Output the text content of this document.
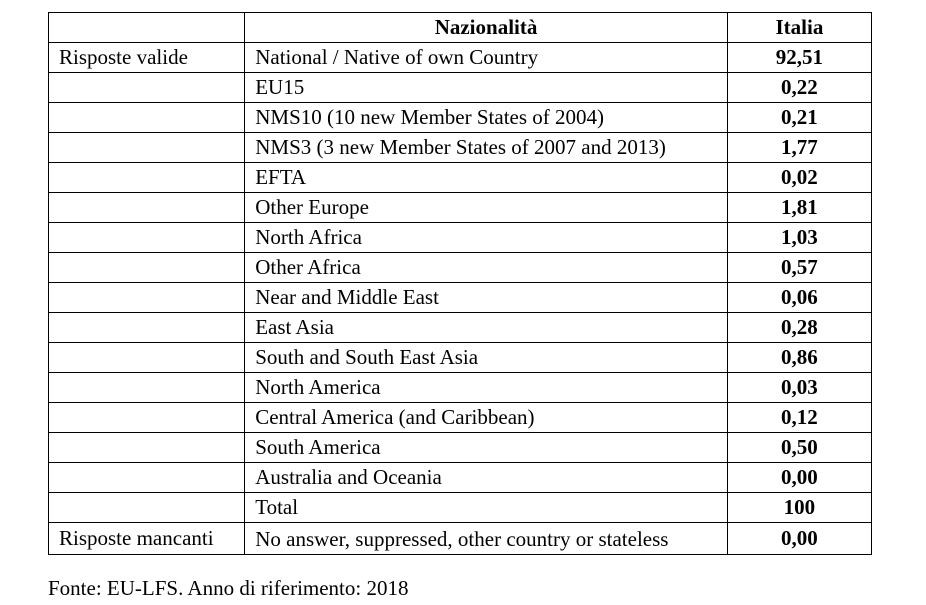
	Nazionalità	Italia
Risposte valide	National / Native of own Country	92,51
	EU15	0,22
	NMS10 (10 new Member States of 2004)	0,21
	NMS3 (3 new Member States of 2007 and 2013)	1,77
	EFTA	0,02
	Other Europe	1,81
	North Africa	1,03
	Other Africa	0,57
	Near and Middle East	0,06
	East Asia	0,28
	South and South East Asia	0,86
	North America	0,03
	Central America (and Caribbean)	0,12
	South America	0,50
	Australia and Oceania	0,00
	Total	100
Risposte mancanti	No answer, suppressed, other country or stateless	0,00
Fonte: EU-LFS. Anno di riferimento: 2018
